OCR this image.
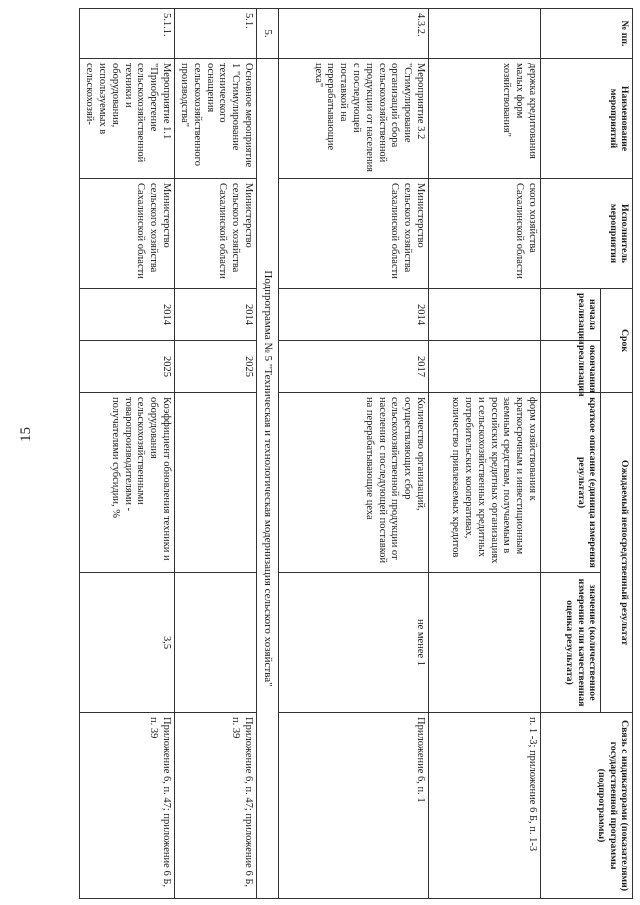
15
№ пп.	Наименование мероприятий	Исполнитель мероприятия	Срок		Ожидаемый непосредственный результат		Связь с индикаторами (показателями) государственной программы (подпрограммы)
			начала реализации	окончания реализации	краткое описание (единица измерения результата)	значение (количественное измерение или качественная оценка результата)	

	держка кредитования малых форм хозяйствования"	ского хозяйства Сахалинской области			форм хозяйствования к краткосрочным и инвестиционным заемным средствам, получаемым в российских кредитных организациях и сельскохозяйственных кредитных потребительских кооперативах, количество привлекаемых кредитов		п. 1 -3; приложение 6 Б, п. 1-3
4.3.2.	Мероприятие 3.2 "Стимулирование организаций сбора сельскохозяйственной продукции от населения с последующей поставкой на перерабатывающие цеха"	Министерство сельского хозяйства Сахалинской области	2014	2017	Количество организаций, осуществляющих сбор сельскохозяйственной продукции от населения с последующей поставкой на перерабатывающие цеха	не менее 1	Приложение 6, п. 1
5.	Подпрограмма № 5 "Техническая и технологическая модернизация сельского хозяйства"						
5.1.	Основное мероприятие 1 "Стимулирование технического оснащения сельскохозяйственного производства"	Министерство сельского хозяйства Сахалинской области	2014	2025			Приложение 6, п. 47; приложение 6 Б, п. 39
5.1.1.	Мероприятие 1.1 "Приобретение сельскохозяйственной техники и оборудования, используемых в сельскохозяй-	Министерство сельского хозяйства Сахалинской области	2014	2025	Коэффициент обновления техники и оборудования сельскохозяйственными товаропроизводителями - получателями субсидии, %	3,5	Приложение 6, п. 47; приложение 6 Б, п. 39
